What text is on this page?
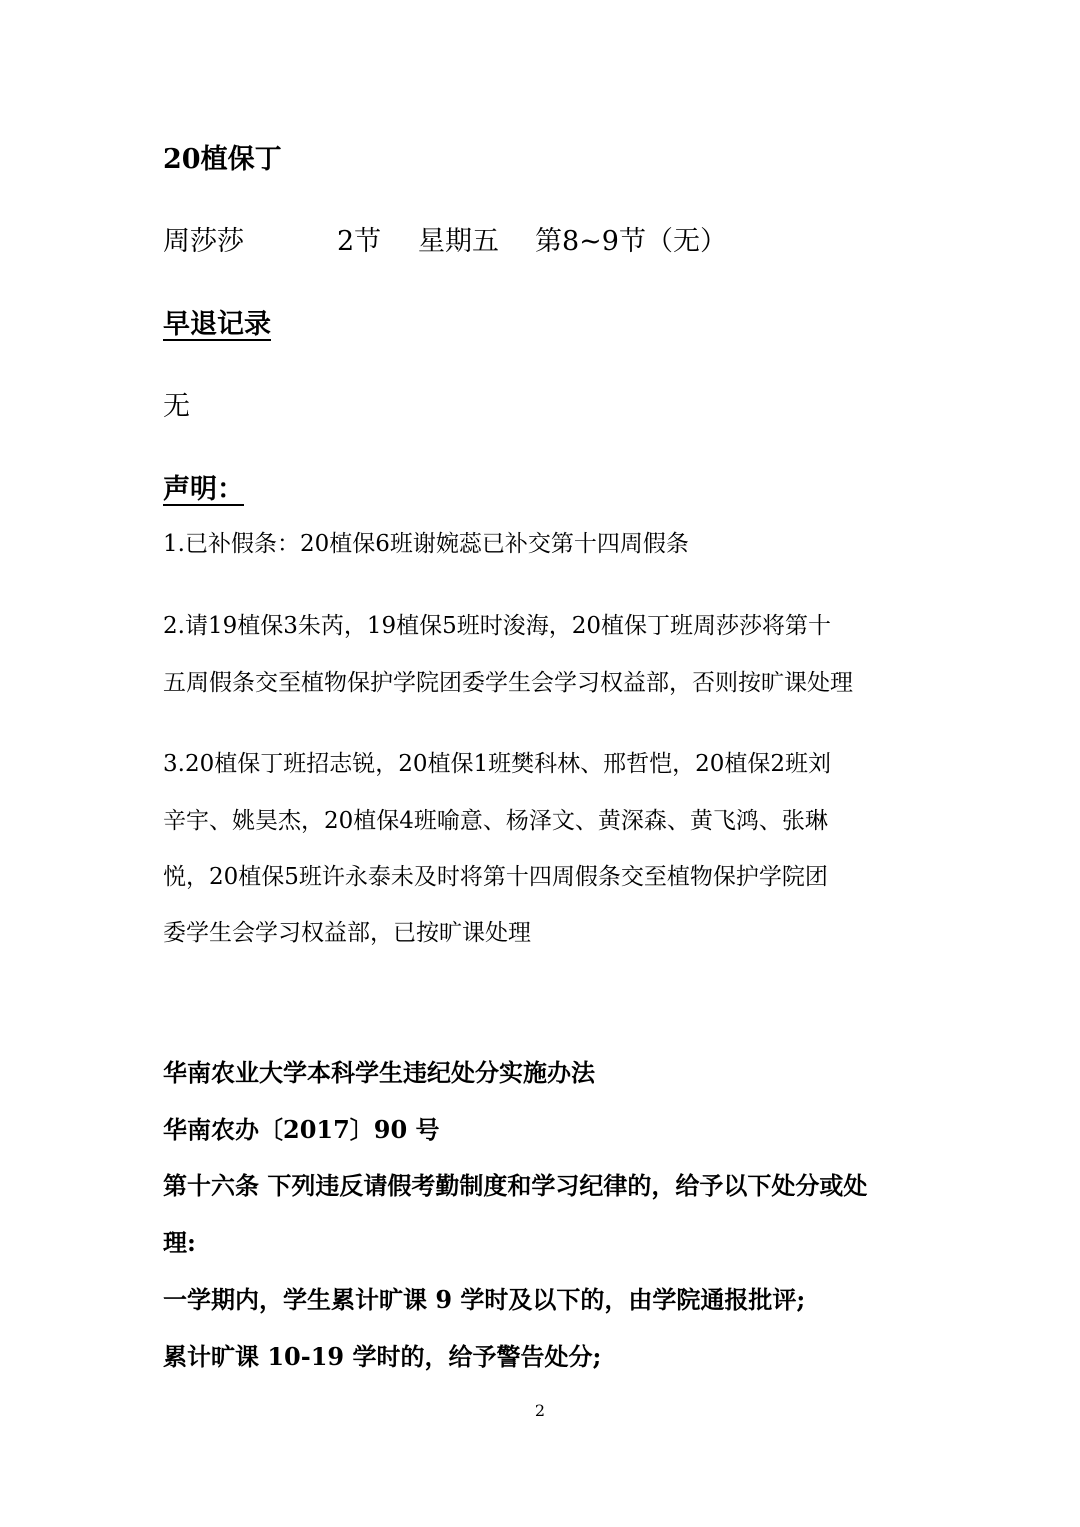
20植保丁
周莎莎	2节 星期五 第8~9节（无）
早退记录
无
声明：
1.已补假条：20植保6班谢婉蕊已补交第十四周假条
2.请19植保3朱芮，19植保5班时浚海，20植保丁班周莎莎将第十
五周假条交至植物保护学院团委学生会学习权益部，否则按旷课处理
3.20植保丁班招志锐，20植保1班樊科林、邢哲恺，20植保2班刘
辛宇、姚昊杰，20植保4班喻意、杨泽文、黄深森、黄飞鸿、张琳
悦，20植保5班许永泰未及时将第十四周假条交至植物保护学院团
委学生会学习权益部，已按旷课处理
华南农业大学本科学生违纪处分实施办法
华南农办〔2017〕90 号
第十六条 下列违反请假考勤制度和学习纪律的，给予以下处分或处
理:
一学期内，学生累计旷课 9 学时及以下的，由学院通报批评;
累计旷课 10-19 学时的，给予警告处分;
2
